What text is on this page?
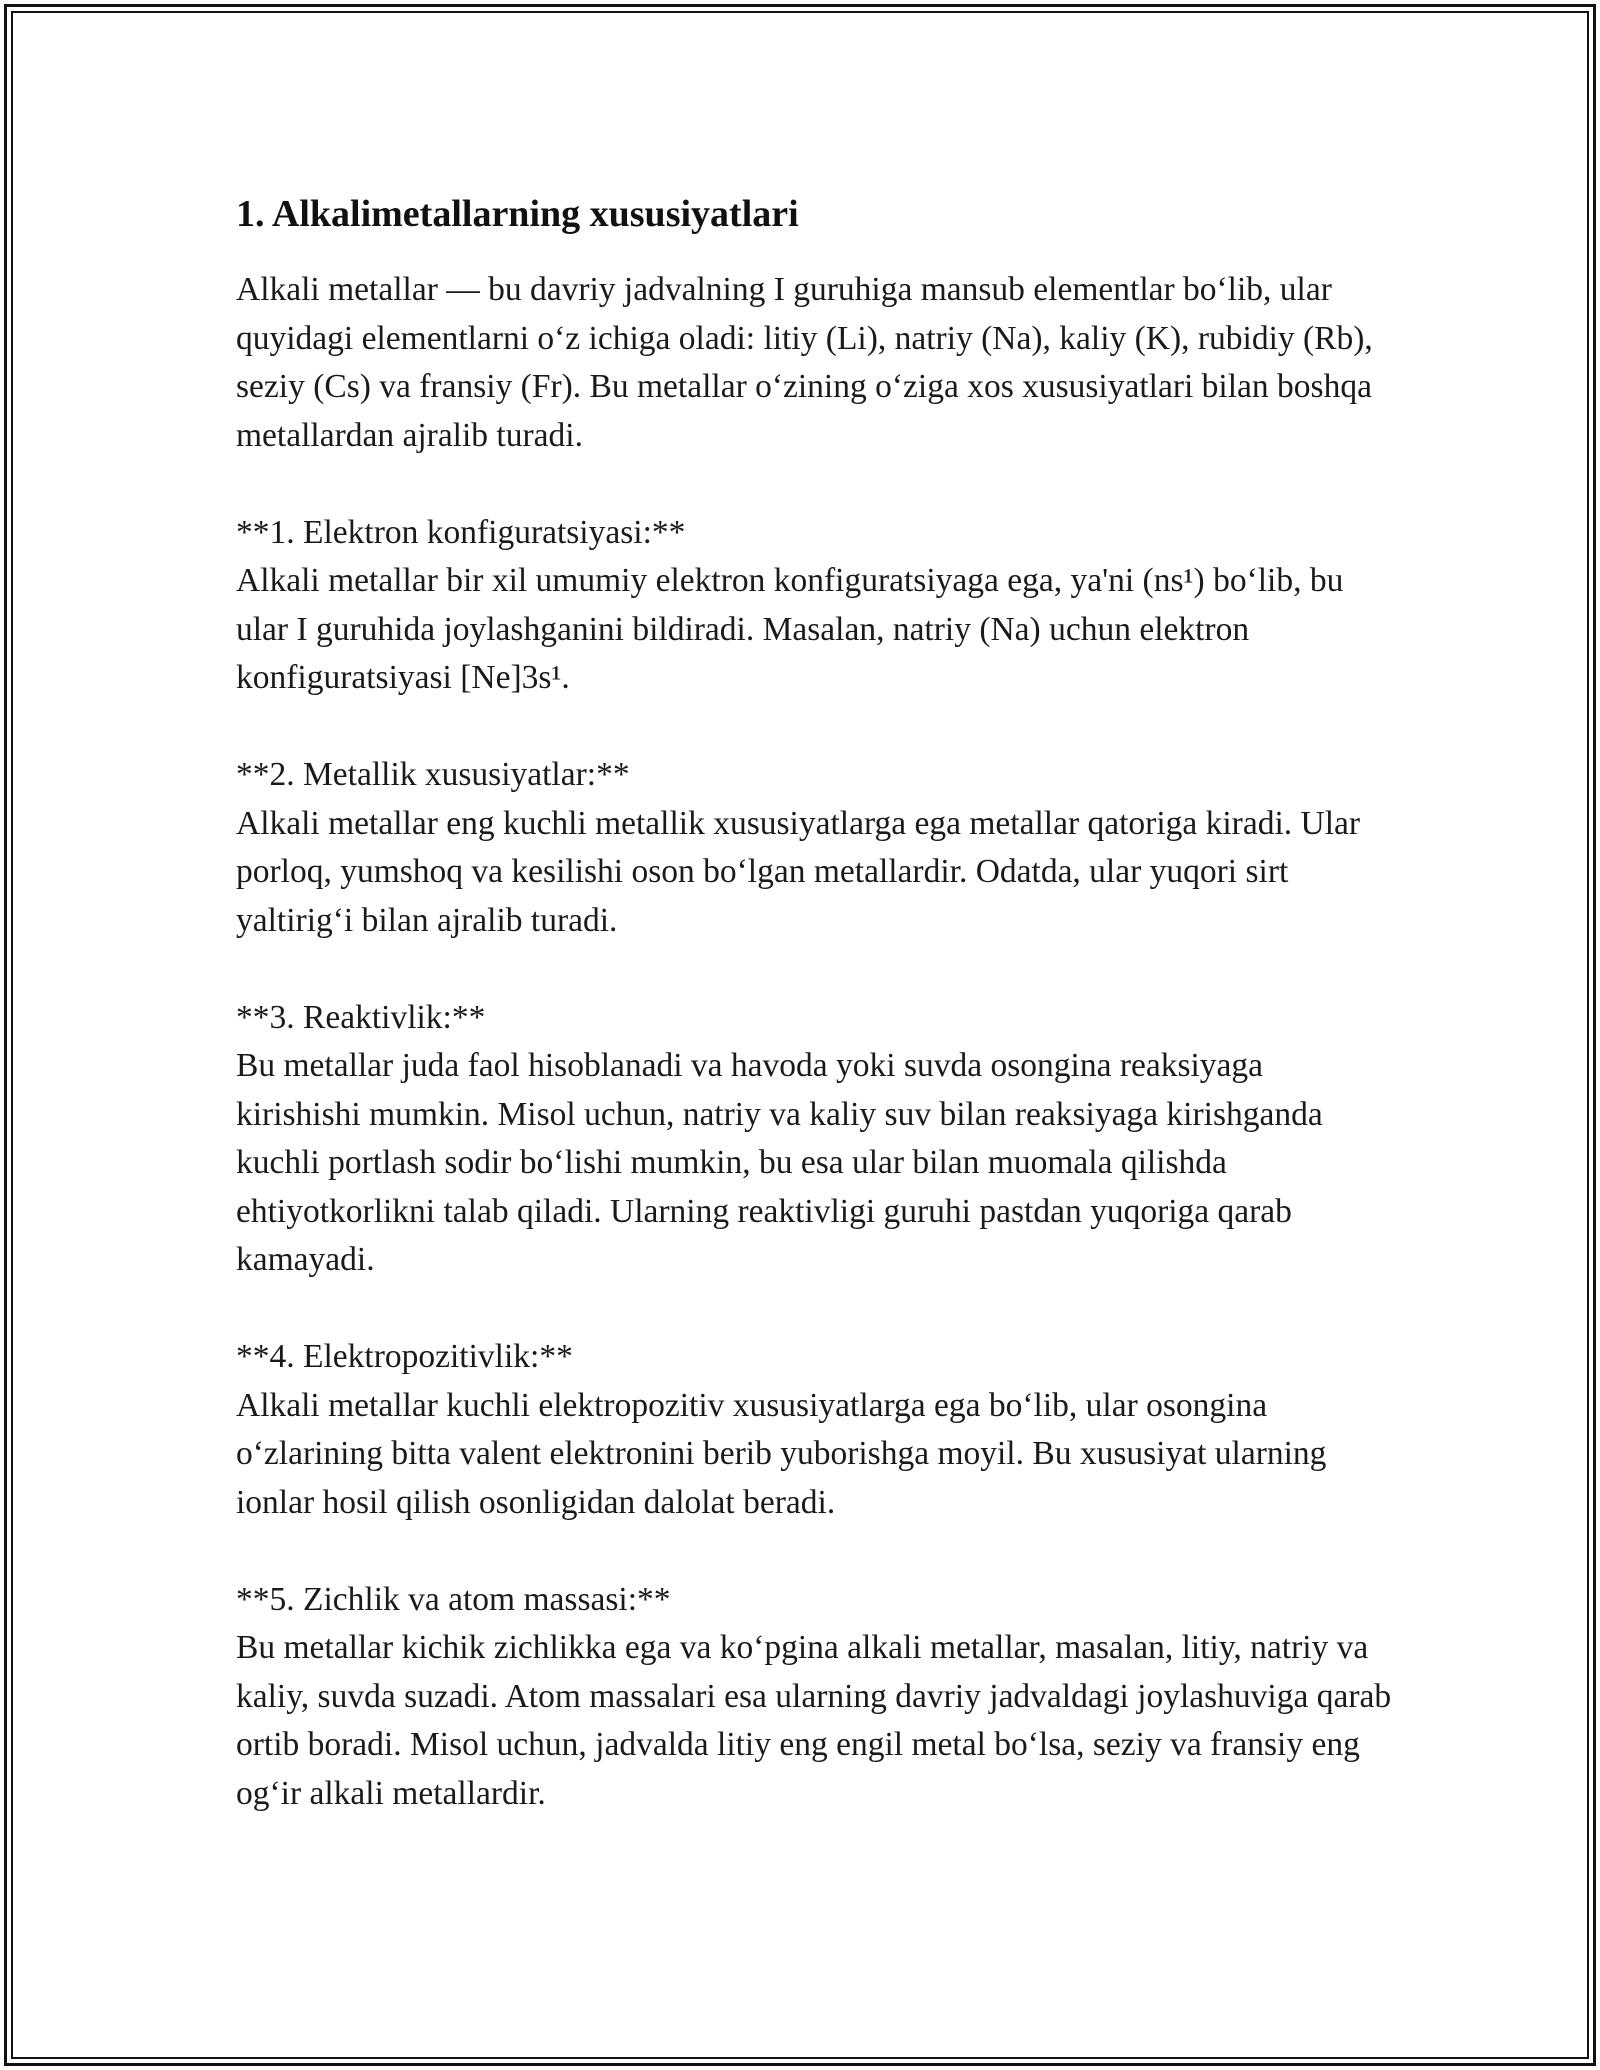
1. Alkalimetallarning xususiyatlari

Alkali metallar — bu davriy jadvalning I guruhiga mansub elementlar bo‘lib, ular quyidagi elementlarni o‘z ichiga oladi: litiy (Li), natriy (Na), kaliy (K), rubidiy (Rb), seziy (Cs) va fransiy (Fr). Bu metallar o‘zining o‘ziga xos xususiyatlari bilan boshqa metallardan ajralib turadi.

**1. Elektron konfiguratsiyasi:**

Alkali metallar bir xil umumiy elektron konfiguratsiyaga ega, ya'ni (ns¹) bo‘lib, bu ular I guruhida joylashganini bildiradi. Masalan, natriy (Na) uchun elektron konfiguratsiyasi [Ne]3s¹.

**2. Metallik xususiyatlar:**

Alkali metallar eng kuchli metallik xususiyatlarga ega metallar qatoriga kiradi. Ular porloq, yumshoq va kesilishi oson bo‘lgan metallardir. Odatda, ular yuqori sirt yaltirig‘i bilan ajralib turadi.

**3. Reaktivlik:**

Bu metallar juda faol hisoblanadi va havoda yoki suvda osongina reaksiyaga kirishishi mumkin. Misol uchun, natriy va kaliy suv bilan reaksiyaga kirishganda kuchli portlash sodir bo‘lishi mumkin, bu esa ular bilan muomala qilishda ehtiyotkorlikni talab qiladi. Ularning reaktivligi guruhi pastdan yuqoriga qarab kamayadi.

**4. Elektropozitivlik:**

Alkali metallar kuchli elektropozitiv xususiyatlarga ega bo‘lib, ular osongina o‘zlarining bitta valent elektronini berib yuborishga moyil. Bu xususiyat ularning ionlar hosil qilish osonligidan dalolat beradi.

**5. Zichlik va atom massasi:**

Bu metallar kichik zichlikka ega va ko‘pgina alkali metallar, masalan, litiy, natriy va kaliy, suvda suzadi. Atom massalari esa ularning davriy jadvaldagi joylashuviga qarab ortib boradi. Misol uchun, jadvalda litiy eng engil metal bo‘lsa, seziy va fransiy eng og‘ir alkali metallardir.
